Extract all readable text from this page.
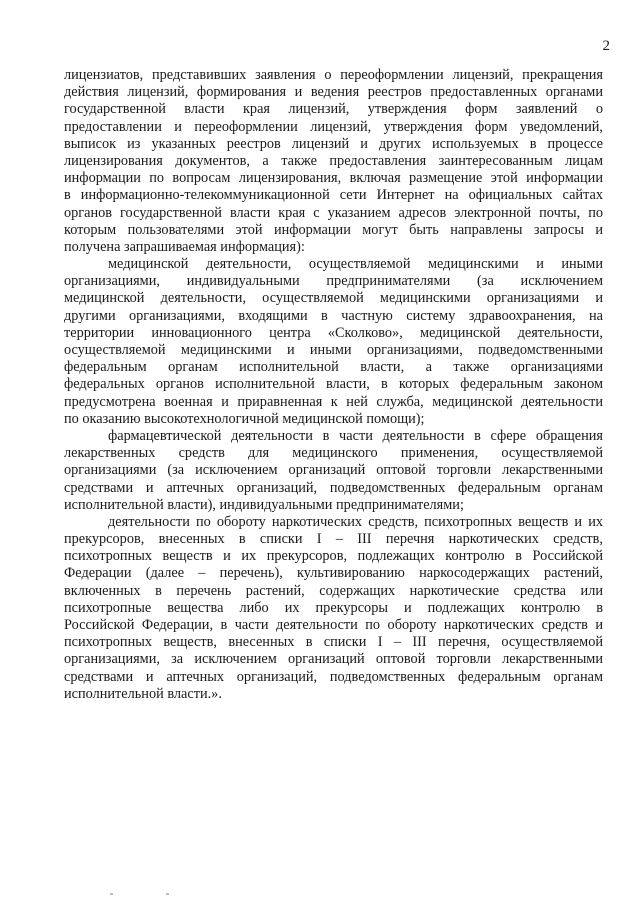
2
лицензиатов, представивших заявления о переоформлении лицензий, прекращения
действия лицензий, формирования и ведения реестров предоставленных органами
государственной власти края лицензий, утверждения форм заявлений о
предоставлении и переоформлении лицензий, утверждения форм уведомлений,
выписок из указанных реестров лицензий и других используемых в процессе
лицензирования документов, а также предоставления заинтересованным лицам
информации по вопросам лицензирования, включая размещение этой информации
в информационно-телекоммуникационной сети Интернет на официальных сайтах
органов государственной власти края с указанием адресов электронной почты, по
которым пользователями этой информации могут быть направлены запросы и
получена запрашиваемая информация):
медицинской деятельности, осуществляемой медицинскими и иными
организациями, индивидуальными предпринимателями (за исключением
медицинской деятельности, осуществляемой медицинскими организациями и
другими организациями, входящими в частную систему здравоохранения, на
территории инновационного центра «Сколково», медицинской деятельности,
осуществляемой медицинскими и иными организациями, подведомственными
федеральным органам исполнительной власти, а также организациями
федеральных органов исполнительной власти, в которых федеральным законом
предусмотрена военная и приравненная к ней служба, медицинской деятельности
по оказанию высокотехнологичной медицинской помощи);
фармацевтической деятельности в части деятельности в сфере обращения
лекарственных средств для медицинского применения, осуществляемой
организациями (за исключением организаций оптовой торговли лекарственными
средствами и аптечных организаций, подведомственных федеральным органам
исполнительной власти), индивидуальными предпринимателями;
деятельности по обороту наркотических средств, психотропных веществ и их
прекурсоров, внесенных в списки I – III перечня наркотических средств,
психотропных веществ и их прекурсоров, подлежащих контролю в Российской
Федерации (далее – перечень), культивированию наркосодержащих растений,
включенных в перечень растений, содержащих наркотические средства или
психотропные вещества либо их прекурсоры и подлежащих контролю в
Российской Федерации, в части деятельности по обороту наркотических средств и
психотропных веществ, внесенных в списки I – III перечня, осуществляемой
организациями, за исключением организаций оптовой торговли лекарственными
средствами и аптечных организаций, подведомственных федеральным органам
исполнительной власти.».
